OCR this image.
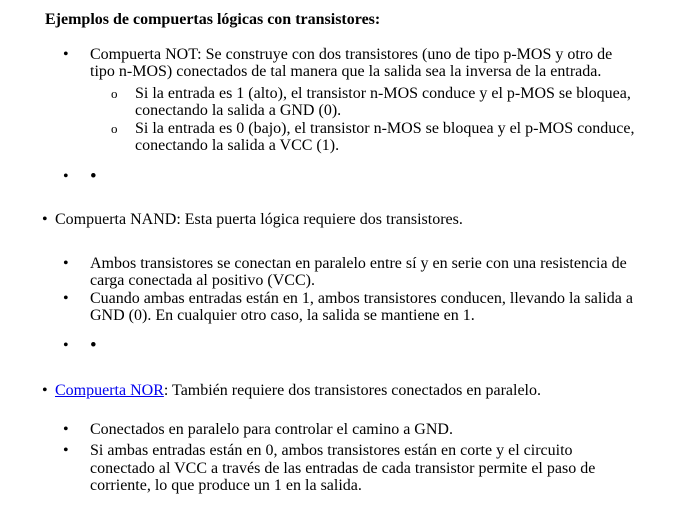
Ejemplos de compuertas lógicas con transistores:

•	Compuerta NOT: Se construye con dos transistores (uno de tipo p-MOS y otro de tipo n-MOS) conectados de tal manera que la salida sea la inversa de la entrada.
o	Si la entrada es 1 (alto), el transistor n-MOS conduce y el p-MOS se bloquea, conectando la salida a GND (0).
o	Si la entrada es 0 (bajo), el transistor n-MOS se bloquea y el p-MOS conduce, conectando la salida a VCC (1).
•	•
• Compuerta NAND: Esta puerta lógica requiere dos transistores.
•	Ambos transistores se conectan en paralelo entre sí y en serie con una resistencia de carga conectada al positivo (VCC).
•	Cuando ambas entradas están en 1, ambos transistores conducen, llevando la salida a GND (0). En cualquier otro caso, la salida se mantiene en 1.
•	•
• Compuerta NOR: También requiere dos transistores conectados en paralelo.
•	Conectados en paralelo para controlar el camino a GND.
•	Si ambas entradas están en 0, ambos transistores están en corte y el circuito conectado al VCC a través de las entradas de cada transistor permite el paso de corriente, lo que produce un 1 en la salida.
